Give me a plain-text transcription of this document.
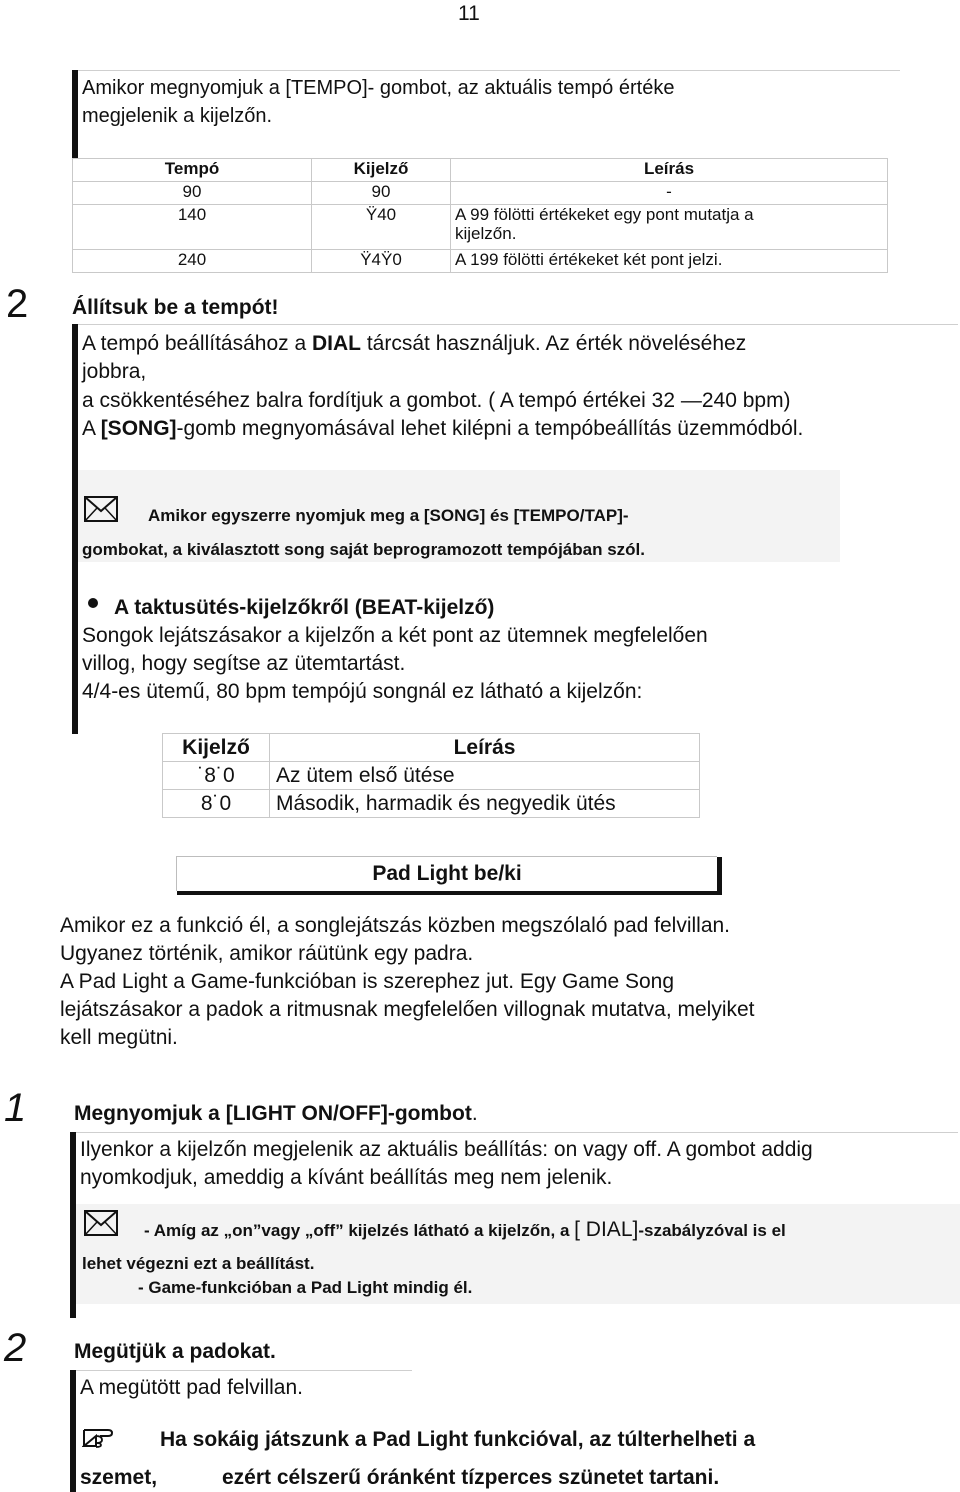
11
Amikor megnyomjuk a [TEMPO]- gombot, az aktuális tempó értéke
megjelenik a kijelzőn.
Tempó	Kijelző	Leírás
90	90	-
140	Ÿ40	A 99 fölötti értékeket egy pont mutatja a
kijelzőn.

240	Ÿ4Ÿ0	A 199 fölötti értékeket két pont jelzi.
2 Állítsuk be a tempót!
A tempó beállításához a DIAL tárcsát használjuk. Az érték növeléséhez
jobbra,
a csökkentéséhez balra fordítjuk a gombot. ( A tempó értékei 32 —240 bpm)
A [SONG]-gomb megnyomásával lehet kilépni a tempóbeállítás üzemmódból.
Amikor egyszerre nyomjuk meg a [SONG] és [TEMPO/TAP]-
gombokat, a kiválasztott song saját beprogramozott tempójában szól.
A taktusütés-kijelzőkről (BEAT-kijelző)
Songok lejátszásakor a kijelzőn a két pont az ütemnek megfelelően
villog, hogy segítse az ütemtartást.
4/4-es ütemű, 80 bpm tempójú songnál ez látható a kijelzőn:
Kijelző	Leírás
˙8˙0	Az ütem első ütése
8˙0	Második, harmadik és negyedik ütés
Pad Light be/ki
Amikor ez a funkció él, a songlejátszás közben megszólaló pad felvillan.
Ugyanez történik, amikor ráütünk egy padra.
A Pad Light a Game-funkcióban is szerephez jut. Egy Game Song
lejátszásakor a padok a ritmusnak megfelelően villognak mutatva, melyiket
kell megütni.
1 Megnyomjuk a [LIGHT ON/OFF]-gombot.
Ilyenkor a kijelzőn megjelenik az aktuális beállítás: on vagy off. A gombot addig
nyomkodjuk, ameddig a kívánt beállítás meg nem jelenik.
- Amíg az „on”vagy „off” kijelzés látható a kijelzőn, a [ DIAL]-szabályzóval is el
lehet végezni ezt a beállítást.
- Game-funkcióban a Pad Light mindig él.
2 Megütjük a padokat.
A megütött pad felvillan.
Ha sokáig játszunk a Pad Light funkcióval, az túlterhelheti a
szemet,	ezért célszerű óránként tízperces szünetet tartani.
